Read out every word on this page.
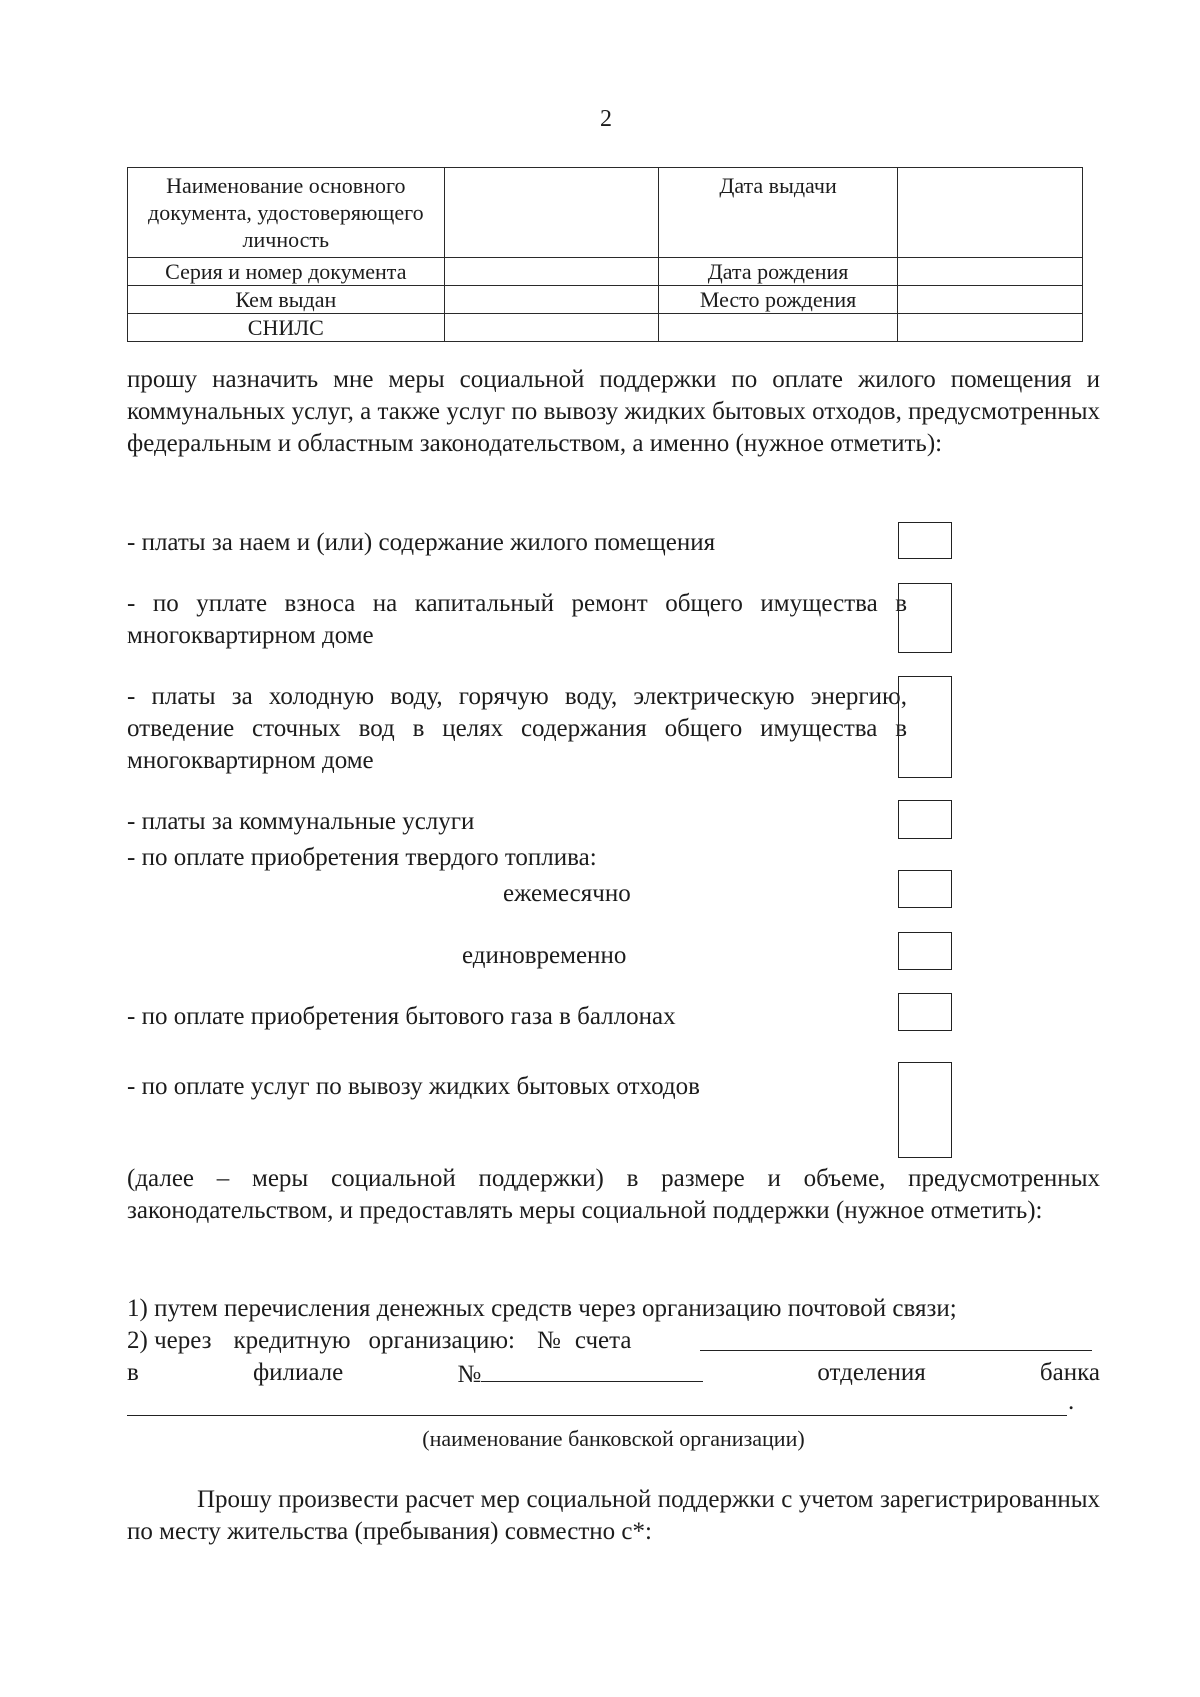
2
Наименование основного документа, удостоверяющего личность		Дата выдачи	
Серия и номер документа		Дата рождения	
Кем выдан		Место рождения	
СНИЛС			
прошу назначить мне меры социальной поддержки по оплате жилого помещения и коммунальных услуг, а также услуг по вывозу жидких бытовых отходов, предусмотренных федеральным и областным законодательством, а именно (нужное отметить):
- платы за наем и (или) содержание жилого помещения
- по уплате взноса на капитальный ремонт общего имущества в многоквартирном доме
- платы за холодную воду, горячую воду, электрическую энергию, отведение сточных вод в целях содержания общего имущества в многоквартирном доме
- платы за коммунальные услуги
- по оплате приобретения твердого топлива:
ежемесячно
единовременно
- по оплате приобретения бытового газа в баллонах
- по оплате услуг по вывозу жидких бытовых отходов
(далее – меры социальной поддержки) в размере и объеме, предусмотренных законодательством, и предоставлять меры социальной поддержки (нужное отметить):
1) путем перечисления денежных средств через организацию почтовой связи;
2) через кредитную организацию: № счета
в	филиале	№	отделения	банка
.
(наименование банковской организации)
Прошу произвести расчет мер социальной поддержки с учетом зарегистрированных по месту жительства (пребывания) совместно с*:
